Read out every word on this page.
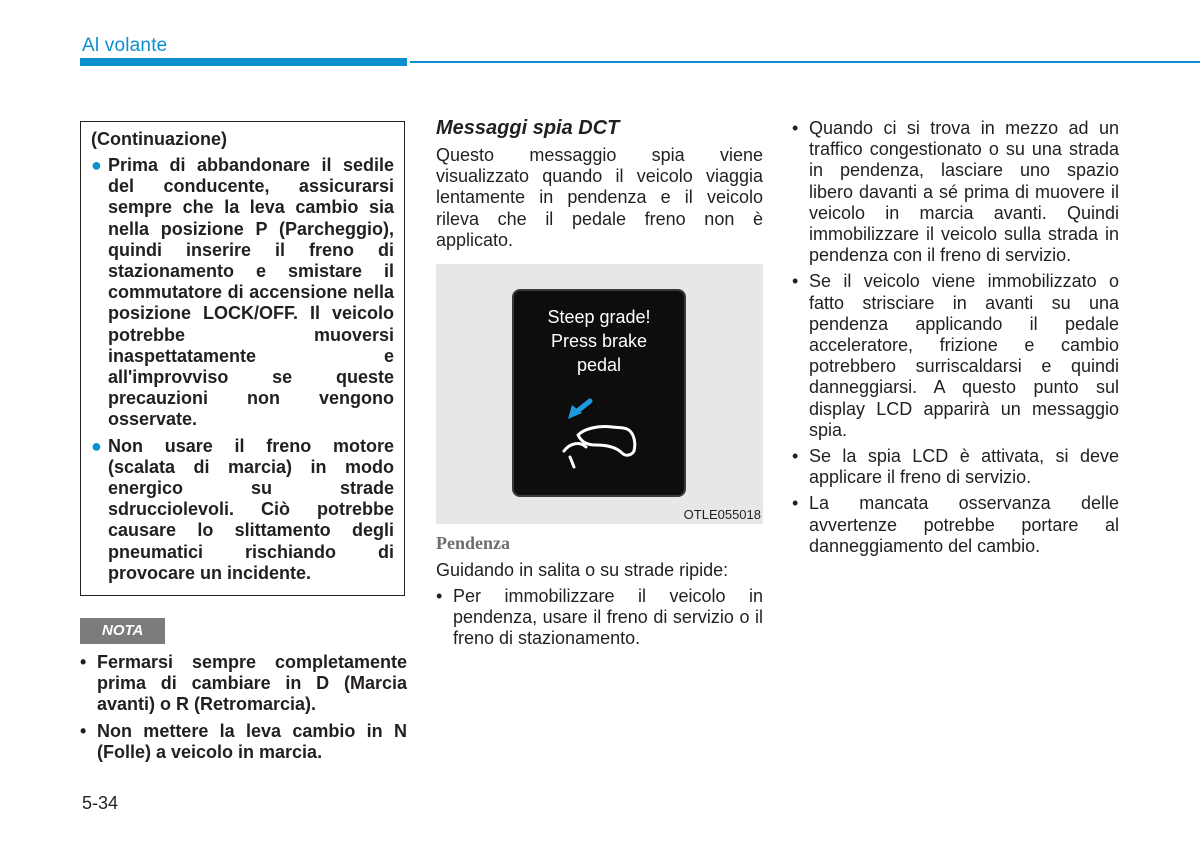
Al volante
(Continuazione)
● Prima di abbandonare il sedile del conducente, assicurarsi sempre che la leva cambio sia nella posizione P (Parcheggio), quindi inserire il freno di stazionamento e smistare il commutatore di accensione nella posizione LOCK/OFF. Il veicolo potrebbe muoversi inaspettatamente e all'improvviso se queste precauzioni non vengono osservate.
● Non usare il freno motore (scalata di marcia) in modo energico su strade sdrucciolevoli. Ciò potrebbe causare lo slittamento degli pneumatici rischiando di provocare un incidente.
NOTA
• Fermarsi sempre completamente prima di cambiare in D (Marcia avanti) o R (Retromarcia).
• Non mettere la leva cambio in N (Folle) a veicolo in marcia.
Messaggi spia DCT
Questo messaggio spia viene visualizzato quando il veicolo viaggia lentamente in pendenza e il veicolo rileva che il pedale freno non è applicato.
Steep grade!
Press brake
pedal
OTLE055018
Pendenza
Guidando in salita o su strade ripide:
• Per immobilizzare il veicolo in pendenza, usare il freno di servizio o il freno di stazionamento.
• Quando ci si trova in mezzo ad un traffico congestionato o su una strada in pendenza, lasciare uno spazio libero davanti a sé prima di muovere il veicolo in marcia avanti. Quindi immobilizzare il veicolo sulla strada in pendenza con il freno di servizio.
• Se il veicolo viene immobilizzato o fatto strisciare in avanti su una pendenza applicando il pedale acceleratore, frizione e cambio potrebbero surriscaldarsi e quindi danneggiarsi. A questo punto sul display LCD apparirà un messaggio spia.
• Se la spia LCD è attivata, si deve applicare il freno di servizio.
• La mancata osservanza delle avvertenze potrebbe portare al danneggiamento del cambio.
5-34
